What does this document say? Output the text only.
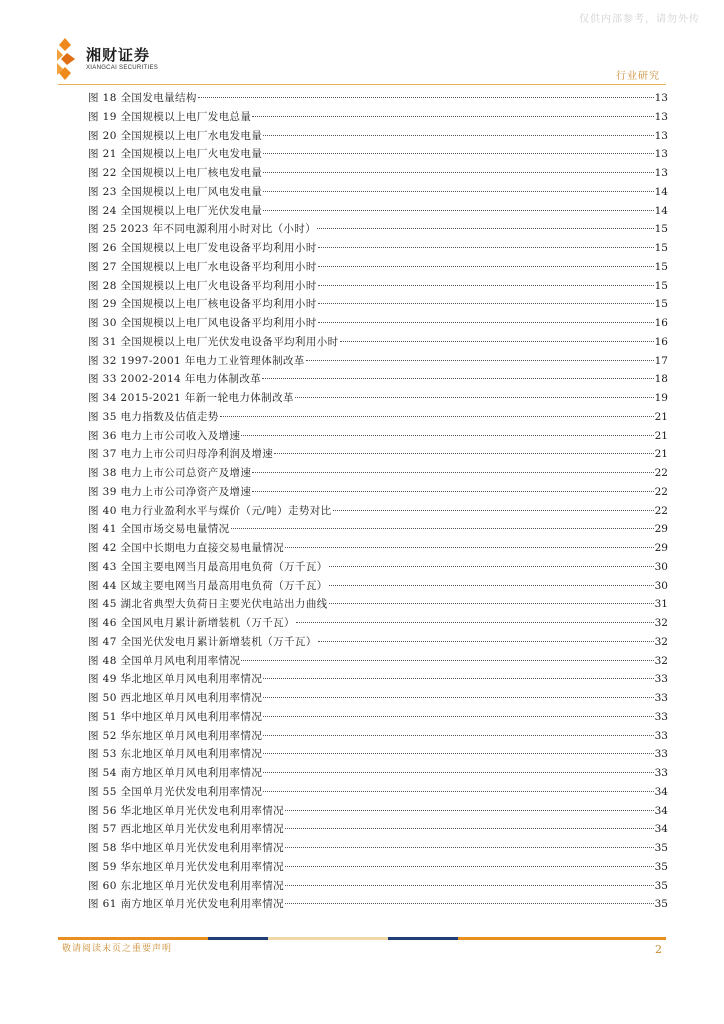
仅供内部参考，请勿外传
湘财证券
XIANGCAI SECURITIES
行业研究
图 18 全国发电量结构	13
图 19 全国规模以上电厂发电总量	13
图 20 全国规模以上电厂水电发电量	13
图 21 全国规模以上电厂火电发电量	13
图 22 全国规模以上电厂核电发电量	13
图 23 全国规模以上电厂风电发电量	14
图 24 全国规模以上电厂光伏发电量	14
图 25 2023 年不同电源利用小时对比（小时）	15
图 26 全国规模以上电厂发电设备平均利用小时	15
图 27 全国规模以上电厂水电设备平均利用小时	15
图 28 全国规模以上电厂火电设备平均利用小时	15
图 29 全国规模以上电厂核电设备平均利用小时	15
图 30 全国规模以上电厂风电设备平均利用小时	16
图 31 全国规模以上电厂光伏发电设备平均利用小时	16
图 32 1997-2001 年电力工业管理体制改革	17
图 33 2002-2014 年电力体制改革	18
图 34 2015-2021 年新一轮电力体制改革	19
图 35 电力指数及估值走势	21
图 36 电力上市公司收入及增速	21
图 37 电力上市公司归母净利润及增速	21
图 38 电力上市公司总资产及增速	22
图 39 电力上市公司净资产及增速	22
图 40 电力行业盈利水平与煤价（元/吨）走势对比	22
图 41 全国市场交易电量情况	29
图 42 全国中长期电力直接交易电量情况	29
图 43 全国主要电网当月最高用电负荷（万千瓦）	30
图 44 区域主要电网当月最高用电负荷（万千瓦）	30
图 45 湖北省典型大负荷日主要光伏电站出力曲线	31
图 46 全国风电月累计新增装机（万千瓦）	32
图 47 全国光伏发电月累计新增装机（万千瓦）	32
图 48 全国单月风电利用率情况	32
图 49 华北地区单月风电利用率情况	33
图 50 西北地区单月风电利用率情况	33
图 51 华中地区单月风电利用率情况	33
图 52 华东地区单月风电利用率情况	33
图 53 东北地区单月风电利用率情况	33
图 54 南方地区单月风电利用率情况	33
图 55 全国单月光伏发电利用率情况	34
图 56 华北地区单月光伏发电利用率情况	34
图 57 西北地区单月光伏发电利用率情况	34
图 58 华中地区单月光伏发电利用率情况	35
图 59 华东地区单月光伏发电利用率情况	35
图 60 东北地区单月光伏发电利用率情况	35
图 61 南方地区单月光伏发电利用率情况	35
敬请阅读末页之重要声明	2
